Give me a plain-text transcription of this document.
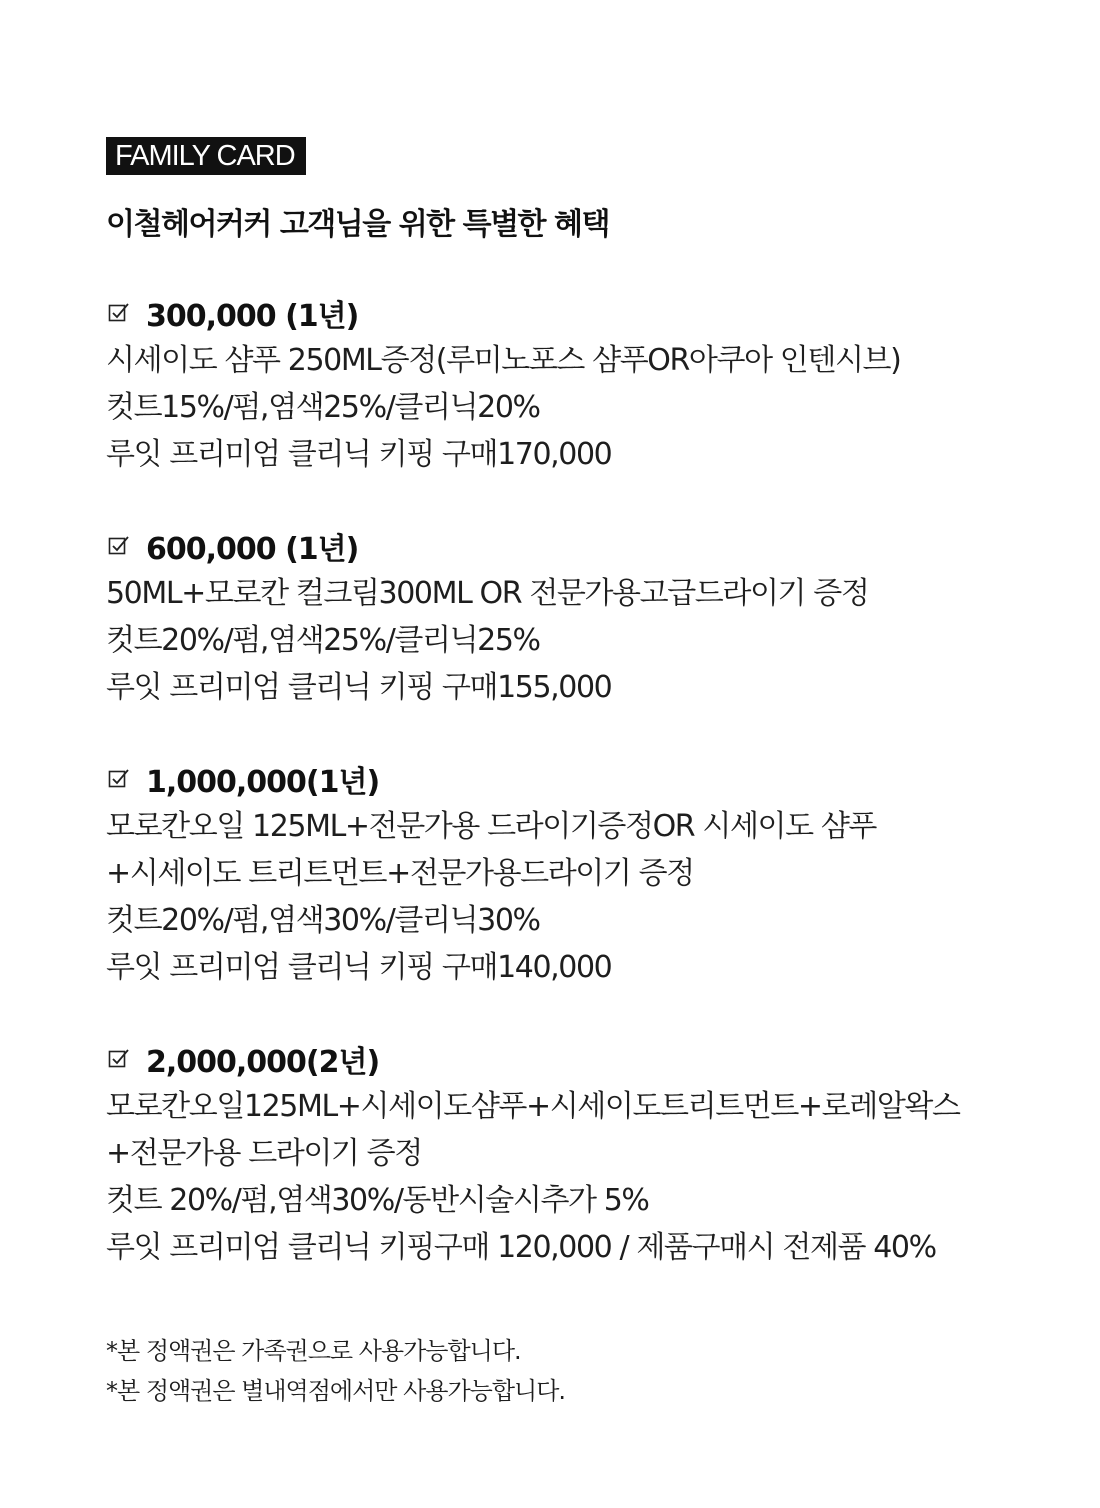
FAMILY CARD
이철헤어커커 고객님을 위한 특별한 혜택
300,000 (1년)
시세이도 샴푸 250ML증정(루미노포스 샴푸OR아쿠아 인텐시브)
컷트15%/펌,염색25%/클리닉20%
루잇 프리미엄 클리닉 키핑 구매170,000
600,000 (1년)
50ML+모로칸 컬크림300ML OR 전문가용고급드라이기 증정
컷트20%/펌,염색25%/클리닉25%
루잇 프리미엄 클리닉 키핑 구매155,000
1,000,000(1년)
모로칸오일 125ML+전문가용 드라이기증정OR 시세이도 샴푸
+시세이도 트리트먼트+전문가용드라이기 증정
컷트20%/펌,염색30%/클리닉30%
루잇 프리미엄 클리닉 키핑 구매140,000
2,000,000(2년)
모로칸오일125ML+시세이도샴푸+시세이도트리트먼트+로레알왁스
+전문가용 드라이기 증정
컷트 20%/펌,염색30%/동반시술시추가 5%
루잇 프리미엄 클리닉 키핑구매 120,000 / 제품구매시 전제품 40%
*본 정액권은 가족권으로 사용가능합니다.
*본 정액권은 별내역점에서만 사용가능합니다.
